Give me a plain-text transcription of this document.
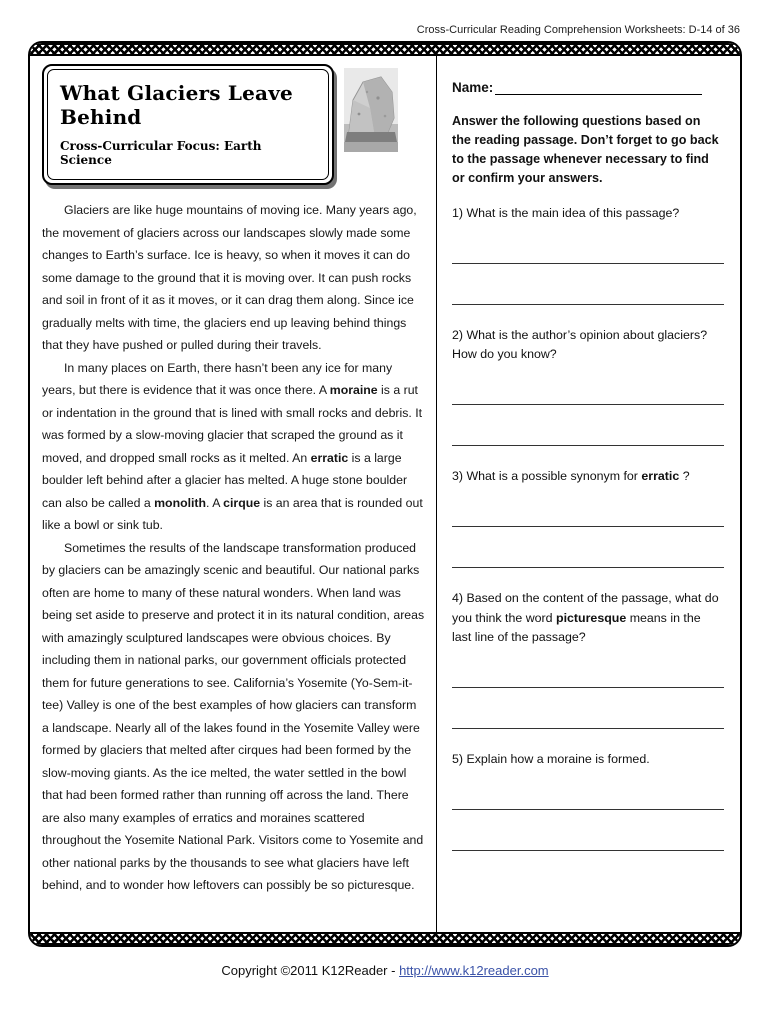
Cross-Curricular Reading Comprehension Worksheets: D-14 of 36
What Glaciers Leave Behind
Cross-Curricular Focus: Earth Science

Glaciers are like huge mountains of moving ice. Many years ago, the movement of glaciers across our landscapes slowly made some changes to Earth’s surface. Ice is heavy, so when it moves it can do some damage to the ground that it is moving over. It can push rocks and soil in front of it as it moves, or it can drag them along. Since ice gradually melts with time, the glaciers end up leaving behind things that they have pushed or pulled during their travels.

In many places on Earth, there hasn’t been any ice for many years, but there is evidence that it was once there. A moraine is a rut or indentation in the ground that is lined with small rocks and debris. It was formed by a slow-moving glacier that scraped the ground as it moved, and dropped small rocks as it melted. An erratic is a large boulder left behind after a glacier has melted. A huge stone boulder can also be called a monolith. A cirque is an area that is rounded out like a bowl or sink tub.

Sometimes the results of the landscape transformation produced by glaciers can be amazingly scenic and beautiful. Our national parks often are home to many of these natural wonders. When land was being set aside to preserve and protect it in its natural condition, areas with amazingly sculptured landscapes were obvious choices. By including them in national parks, our government officials protected them for future generations to see. California’s Yosemite (Yo-Sem-it-tee) Valley is one of the best examples of how glaciers can transform a landscape. Nearly all of the lakes found in the Yosemite Valley were formed by glaciers that melted after cirques had been formed by the slow-moving giants. As the ice melted, the water settled in the bowl that had been formed rather than running off across the land. There are also many examples of erratics and moraines scattered throughout the Yosemite National Park. Visitors come to Yosemite and other national parks by the thousands to see what glaciers have left behind, and to wonder how leftovers can possibly be so picturesque.

Name:

Answer the following questions based on the reading passage. Don’t forget to go back to the passage whenever necessary to find or confirm your answers.

1) What is the main idea of this passage?

2) What is the author’s opinion about glaciers? How do you know?

3) What is a possible synonym for erratic ?

4) Based on the content of the passage, what do you think the word picturesque means in the last line of the passage?

5) Explain how a moraine is formed.

Copyright ©2011 K12Reader - http://www.k12reader.com
